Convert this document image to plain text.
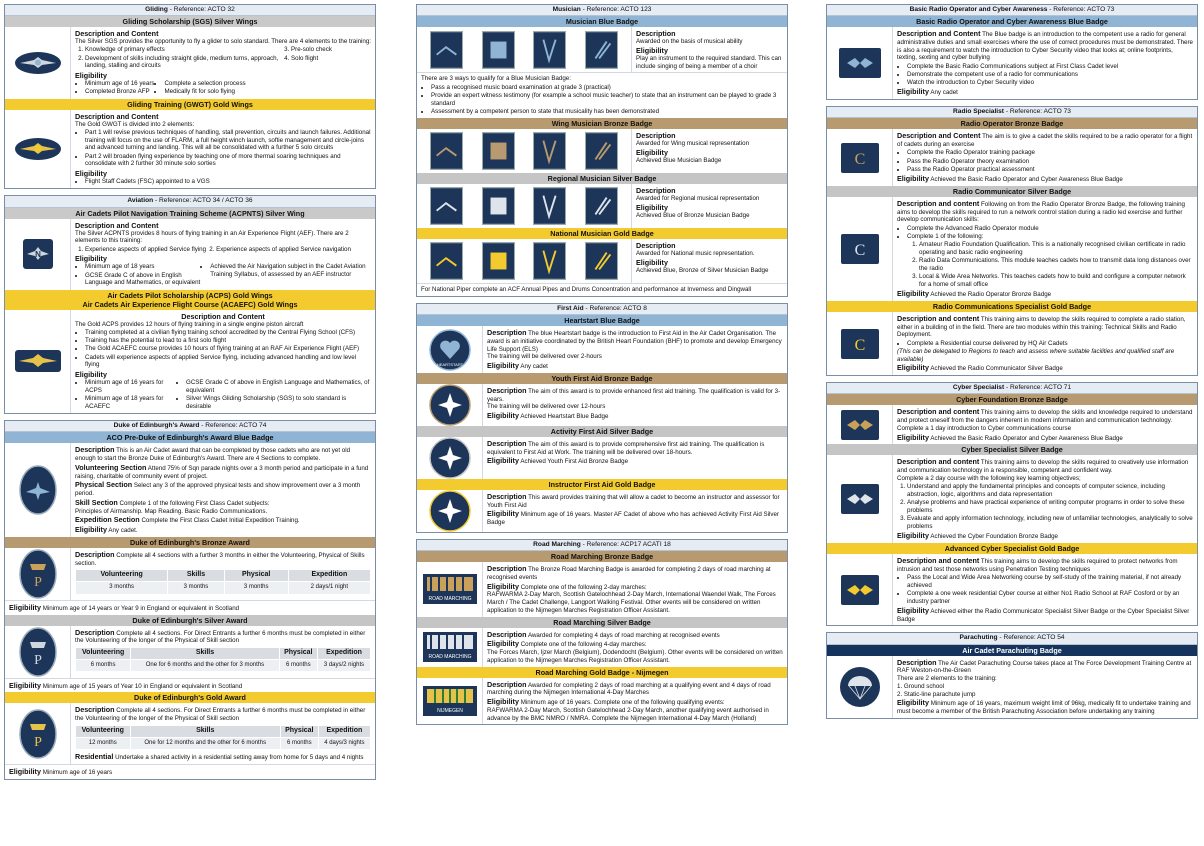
Gliding - Reference: ACTO 32
Gliding Scholarship (SGS) Silver Wings
Description and Content
The Silver SGS provides the opportunity to fly a glider to solo standard. There are 4 elements to the training:
1. Knowledge of primary effects
2. Development of skills including straight glide, medium turns, approach, landing, stalling and circuits
3. Pre-solo check
4. Solo flight
Eligibility
• Minimum age of 16 years
• Completed Bronze AFP
• Complete a selection process
• Medically fit for solo flying
Gliding Training (GWGT) Gold Wings
Description and Content
The Gold GWGT is divided into 2 elements:
• Part 1 will revise previous techniques of handling, stall prevention, circuits and launch failures. Additional training will focus on the use of FLARM, a full height winch launch, softie management and circle-joins and advanced turning and landing. This will all be consolidated with a further 5 solo circuits
• Part 2 will broaden flying experience by teaching one of more thermal soaring techniques and consolidate with 2 further 30 minute solo sorties
Eligibility
• Flight Staff Cadets (FSC) appointed to a VGS
Aviation - Reference: ACTO 34 / ACTO 36
Air Cadets Pilot Navigation Training Scheme (ACPNTS) Silver Wing
N
Description and Content
The Silver ACPNTS provides 8 hours of flying training in an Air Experience Flight (AEF). There are 2 elements to this training:
1. Experience aspects of applied Service flying 2. Experience aspects of applied Service navigation
Eligibility
• Minimum age of 18 years
• GCSE Grade C of above in English Language and Mathematics, or equivalent
• Achieved the Air Navigation subject in the Cadet Aviation Training Syllabus, of assessed by an AEF instructor
Air Cadets Pilot Scholarship (ACPS) Gold Wings
Air Cadets Air Experience Flight Course (ACAEFC) Gold Wings
Description and Content
The Gold ACPS provides 12 hours of flying training in a single engine piston aircraft
• Training completed at a civilian flying training school accredited by the Central Flying School (CFS)
• Training has the potential to lead to a first solo flight
• The Gold ACAEFC course provides 10 hours of flying training at an RAF Air Experience Flight (AEF)
• Cadets will experience aspects of applied Service flying, including advanced handling and low level flying
Eligibility
• Minimum age of 16 years for ACPS
• Minimum age of 18 years for ACAEFC
• GCSE Grade C of above in English Language and Mathematics, of equivalent
• Silver Wings Gliding Scholarship (SGS) to solo standard is desirable
Duke of Edinburgh's Award - Reference: ACTO 74
ACO Pre-Duke of Edinburgh's Award Blue Badge
Description This is an Air Cadet award that can be completed by those cadets who are not yet old enough to start the Bronze Duke of Edinburgh's Award. There are 4 Sections to complete.
Volunteering Section Attend 75% of Sqn parade nights over a 3 month period and participate in a fund raising, charitable of community event of project.
Physical Section Select any 3 of the approved physical tests and show improvement over a 3 month period.
Skill Section Complete 1 of the following First Class Cadet subjects:
Principles of Airmanship. Map Reading. Basic Radio Communications.
Expedition Section Complete the First Class Cadet Initial Expedition Training.
Eligibility Any cadet.
Duke of Edinburgh's Bronze Award
P
Description Complete all 4 sections with a further 3 months in either the Volunteering, Physical of Skills section.
Volunteering	Skills	Physical	Expedition
3 months	3 months	3 months	2 days/1 night
Eligibility Minimum age of 14 years or Year 9 in England or equivalent in Scotland
Duke of Edinburgh's Silver Award
P
Description Complete all 4 sections. For Direct Entrants a further 6 months must be completed in either the Volunteering of the longer of the Physical of Skill section
Volunteering	Skills	Physical	Expedition
6 months	One for 6 months and the other for 3 months	6 months	3 days/2 nights
Eligibility Minimum age of 15 years of Year 10 in England or equivalent in Scotland
Duke of Edinburgh's Gold Award
P
Description Complete all 4 sections. For Direct Entrants a further 6 months must be completed in either the Volunteering of the longer of the Physical of Skill section
Volunteering	Skills	Physical	Expedition
12 months	One for 12 months and the other for 6 months	6 months	4 days/3 nights
Residential Undertake a shared activity in a residential setting away from home for 5 days and 4 nights
Eligibility Minimum age of 16 years
Musician - Reference: ACTO 123
Musician Blue Badge
Description
Awarded on the basis of musical ability
Eligibility
Play an instrument to the required standard. This can include singing of being a member of a choir
There are 3 ways to qualify for a Blue Musician Badge:
• Pass a recognised music board examination at grade 3 (practical)
• Provide an expert witness testimony (for example a school music teacher) to state that an instrument can be played to grade 3 standard
• Assessment by a competent person to state that musicality has been demonstrated
Wing Musician Bronze Badge
Description
Awarded for Wing musical representation
Eligibility
Achieved Blue Musician Badge
Regional Musician Silver Badge
Description
Awarded for Regional musical representation
Eligibility
Achieved Blue of Bronze Musician Badge
National Musician Gold Badge
Description
Awarded for National music representation.
Eligibility
Achieved Blue, Bronze of Silver Musician Badge
For National Piper complete an ACF Annual Pipes and Drums Concentration and performance at Inverness and Dingwall
First Aid - Reference: ACTO 8
Heartstart Blue Badge
HEARTSTART
Description The blue Heartstart badge is the introduction to First Aid in the Air Cadet Organisation. The award is an initiative coordinated by the British Heart Foundation (BHF) to promote and develop Emergency Life Support (ELS)
The training will be delivered over 2-hours
Eligibility Any cadet
Youth First Aid Bronze Badge
Description The aim of this award is to provide enhanced first aid training. The qualification is valid for 3-years.
The training will be delivered over 12-hours
Eligibility Achieved Heartstart Blue Badge
Activity First Aid Silver Badge
Description The aim of this award is to provide comprehensive first aid training. The qualification is equivalent to First Aid at Work. The training will be delivered over 18-hours.
Eligibility Achieved Youth First Aid Bronze Badge
Instructor First Aid Gold Badge
Description This award provides training that will allow a cadet to become an instructor and assessor for Youth First Aid
Eligibility Minimum age of 16 years. Master AF Cadet of above who has achieved Activity First Aid Silver Badge
Road Marching - Reference: ACP17 ACATI 18
Road Marching Bronze Badge
ROAD MARCHING
Description The Bronze Road Marching Badge is awarded for completing 2 days of road marching at recognised events
Eligibility Complete one of the following 2-day marches:
RAFWARMA 2-Day March, Scottish Gatelochhead 2-Day March, International Waendel Walk, The Forces March / The Cadet Challenge, Langport Walking Festival. Other events will be considered on written application to the Nijmegen Marches Registration Officer Assistant.
Road Marching Silver Badge
ROAD MARCHING
Description Awarded for completing 4 days of road marching at recognised events
Eligibility Complete one of the following 4-day marches:
The Forces March, Ijzer March (Belgium), Dodendocht (Belgium). Other events will be considered on written application to the Nijmegen Marches Registration Officer Assistant.
Road Marching Gold Badge - Nijmegen
NIJMEGEN
Description Awarded for completing 2 days of road marching at a qualifying event and 4 days of road marching during the Nijmegen International 4-Day Marches
Eligibility Minimum age of 16 years. Complete one of the following qualifying events:
RAFWARMA 2-Day March, Scottish Gatelochhead 2-Day March, another qualifying event authorised in advance by the BMC NMRO / NMRA. Complete the Nijmegen International 4-Day March (Holland)
Basic Radio Operator and Cyber Awareness - Reference: ACTO 73
Basic Radio Operator and Cyber Awareness Blue Badge
Description and Content The Blue badge is an introduction to the competent use a radio for general administrative duties and small exercises where the use of correct procedures must be demonstrated. There is also a requirement to watch the introduction to Cyber Security video that looks at; online footprints, texting, sexting and cyber bullying
• Complete the Basic Radio Communications subject at First Class Cadet level
• Demonstrate the competent use of a radio for communications
• Watch the introduction to Cyber Security video
Eligibility Any cadet
Radio Specialist - Reference: ACTO 73
Radio Operator Bronze Badge
C
Description and Content The aim is to give a cadet the skills required to be a radio operator for a flight of cadets during an exercise
• Complete the Radio Operator training package
• Pass the Radio Operator theory examination
• Pass the Radio Operator practical assessment
Eligibility Achieved the Basic Radio Operator and Cyber Awareness Blue Badge
Radio Communicator Silver Badge
C
Description and content Following on from the Radio Operator Bronze Badge, the following training aims to develop the skills required to run a network control station during a radio led exercise and further develop communication skills:
• Complete the Advanced Radio Operator module
• Complete 1 of the following:
1. Amateur Radio Foundation Qualification. This is a nationally recognised civilian certificate in radio operating and basic radio engineering
2. Radio Data Communications. This module teaches cadets how to transmit data long distances over the radio
3. Local & Wide Area Networks. This teaches cadets how to build and configure a computer network for a home of small office
Eligibility Achieved the Radio Operator Bronze Badge
Radio Communications Specialist Gold Badge
C
Description and content This training aims to develop the skills required to complete a radio station, either in a building of in the field. There are two modules within this training: Technical Skills and Radio Deployment.
• Complete a Residential course delivered by HQ Air Cadets
(This can be delegated to Regions to teach and assess where suitable facilities and qualified staff are available)
Eligibility Achieved the Radio Communicator Silver Badge
Cyber Specialist - Reference: ACTO 71
Cyber Foundation Bronze Badge
Description and content This training aims to develop the skills and knowledge required to understand and protect oneself from the dangers inherent in modern information and communication technology. Complete a 1 day introduction to Cyber communications course
Eligibility Achieved the Basic Radio Operator and Cyber Awareness Blue Badge
Cyber Specialist Silver Badge
Description and content This training aims to develop the skills required to creatively use information and communication technology in a responsible, competent and confident way.
Complete a 2 day course with the following key learning objectives;
1. Understand and apply the fundamental principles and concepts of computer science, including abstraction, logic, algorithms and data representation
2. Analyse problems and have practical experience of writing computer programs in order to solve these problems
3. Evaluate and apply information technology, including new of unfamiliar technologies, analytically to solve problems
Eligibility Achieved the Cyber Foundation Bronze Badge
Advanced Cyber Specialist Gold Badge
Description and content This training aims to develop the skills required to protect networks from intrusion and test those networks using Penetration Testing techniques
• Pass the Local and Wide Area Networking course by self-study of the training material, if not already achieved
• Complete a one week residential Cyber course at either No1 Radio School at RAF Cosford or by an industry partner
Eligibility Achieved either the Radio Communicator Specialist Silver Badge or the Cyber Specialist Silver Badge
Parachuting - Reference: ACTO 54
Air Cadet Parachuting Badge
Description The Air Cadet Parachuting Course takes place at The Force Development Training Centre at RAF Weston-on-the-Green
There are 2 elements to the training:
1. Ground school
2. Static-line parachute jump
Eligibility Minimum age of 16 years, maximum weight limit of 96kg, medically fit to undertake training and must become a member of the British Parachuting Association before undertaking any training
